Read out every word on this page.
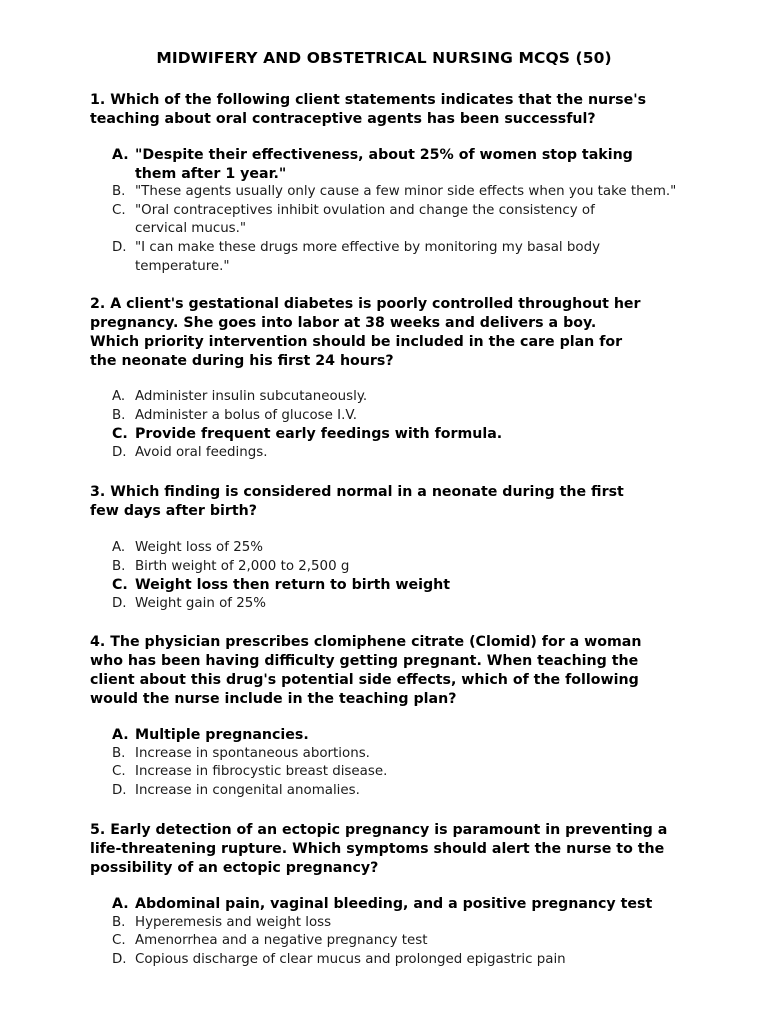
MIDWIFERY AND OBSTETRICAL NURSING MCQS (50)

1. Which of the following client statements indicates that the nurse's teaching about oral contraceptive agents has been successful?

A. "Despite their effectiveness, about 25% of women stop taking them after 1 year."
B. "These agents usually only cause a few minor side effects when you take them."
C. "Oral contraceptives inhibit ovulation and change the consistency of cervical mucus."
D. "I can make these drugs more effective by monitoring my basal body temperature."

2. A client's gestational diabetes is poorly controlled throughout her pregnancy. She goes into labor at 38 weeks and delivers a boy. Which priority intervention should be included in the care plan for the neonate during his first 24 hours?

A. Administer insulin subcutaneously.
B. Administer a bolus of glucose I.V.
C. Provide frequent early feedings with formula.
D. Avoid oral feedings.

3. Which finding is considered normal in a neonate during the first few days after birth?

A. Weight loss of 25%
B. Birth weight of 2,000 to 2,500 g
C. Weight loss then return to birth weight
D. Weight gain of 25%

4. The physician prescribes clomiphene citrate (Clomid) for a woman who has been having difficulty getting pregnant. When teaching the client about this drug's potential side effects, which of the following would the nurse include in the teaching plan?

A. Multiple pregnancies.
B. Increase in spontaneous abortions.
C. Increase in fibrocystic breast disease.
D. Increase in congenital anomalies.

5. Early detection of an ectopic pregnancy is paramount in preventing a life-threatening rupture. Which symptoms should alert the nurse to the possibility of an ectopic pregnancy?

A. Abdominal pain, vaginal bleeding, and a positive pregnancy test
B. Hyperemesis and weight loss
C. Amenorrhea and a negative pregnancy test
D. Copious discharge of clear mucus and prolonged epigastric pain
